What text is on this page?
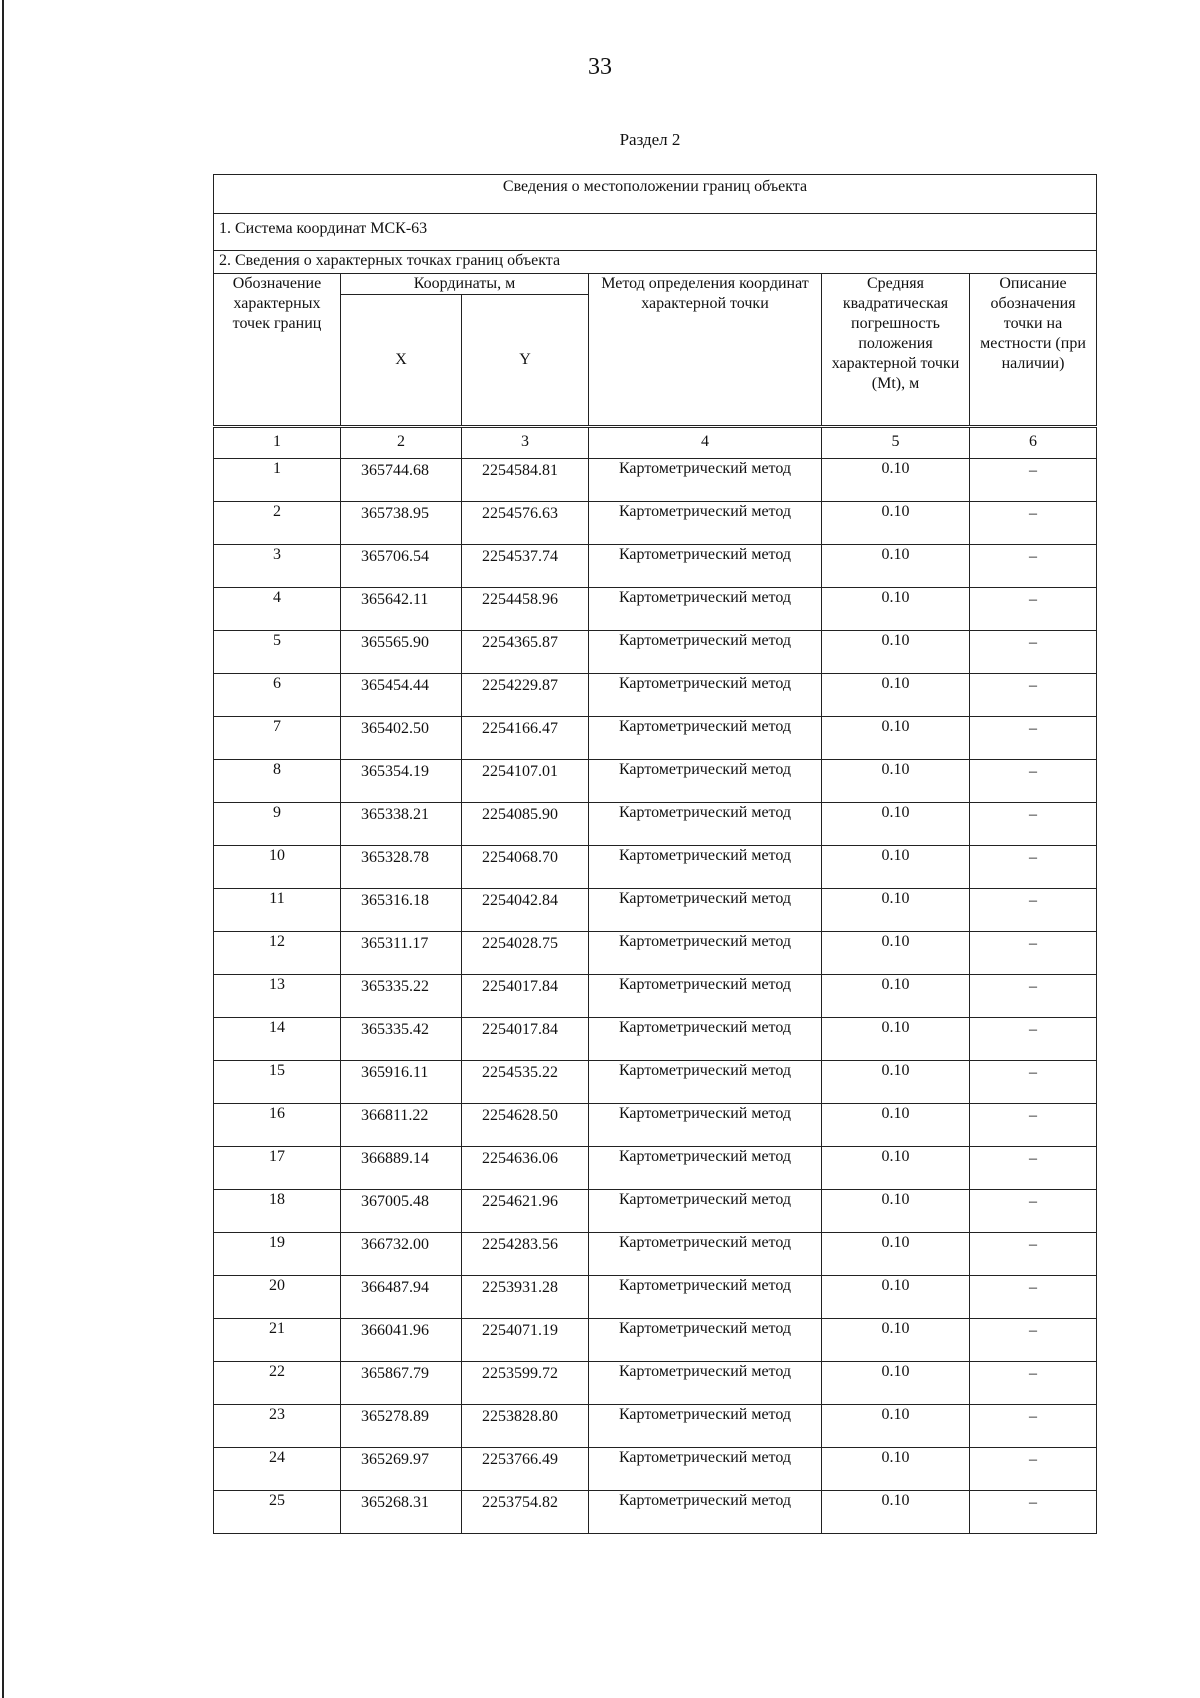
33
Раздел 2
Сведения о местоположении границ объекта					
1. Система координат МСК-63					
2. Сведения о характерных точках границ объекта					
Обозначение характерных точек границ	Координаты, м		Метод определения координат характерной точки	Средняя квадратическая погрешность положения характерной точки (Mt), м	Описание обозначения точки на местности (при наличии)
	X	Y			
1	2	3	4	5	6
1	365744.68	2254584.81	Картометрический метод	0.10	–
2	365738.95	2254576.63	Картометрический метод	0.10	–
3	365706.54	2254537.74	Картометрический метод	0.10	–
4	365642.11	2254458.96	Картометрический метод	0.10	–
5	365565.90	2254365.87	Картометрический метод	0.10	–
6	365454.44	2254229.87	Картометрический метод	0.10	–
7	365402.50	2254166.47	Картометрический метод	0.10	–
8	365354.19	2254107.01	Картометрический метод	0.10	–
9	365338.21	2254085.90	Картометрический метод	0.10	–
10	365328.78	2254068.70	Картометрический метод	0.10	–
11	365316.18	2254042.84	Картометрический метод	0.10	–
12	365311.17	2254028.75	Картометрический метод	0.10	–
13	365335.22	2254017.84	Картометрический метод	0.10	–
14	365335.42	2254017.84	Картометрический метод	0.10	–
15	365916.11	2254535.22	Картометрический метод	0.10	–
16	366811.22	2254628.50	Картометрический метод	0.10	–
17	366889.14	2254636.06	Картометрический метод	0.10	–
18	367005.48	2254621.96	Картометрический метод	0.10	–
19	366732.00	2254283.56	Картометрический метод	0.10	–
20	366487.94	2253931.28	Картометрический метод	0.10	–
21	366041.96	2254071.19	Картометрический метод	0.10	–
22	365867.79	2253599.72	Картометрический метод	0.10	–
23	365278.89	2253828.80	Картометрический метод	0.10	–
24	365269.97	2253766.49	Картометрический метод	0.10	–
25	365268.31	2253754.82	Картометрический метод	0.10	–
